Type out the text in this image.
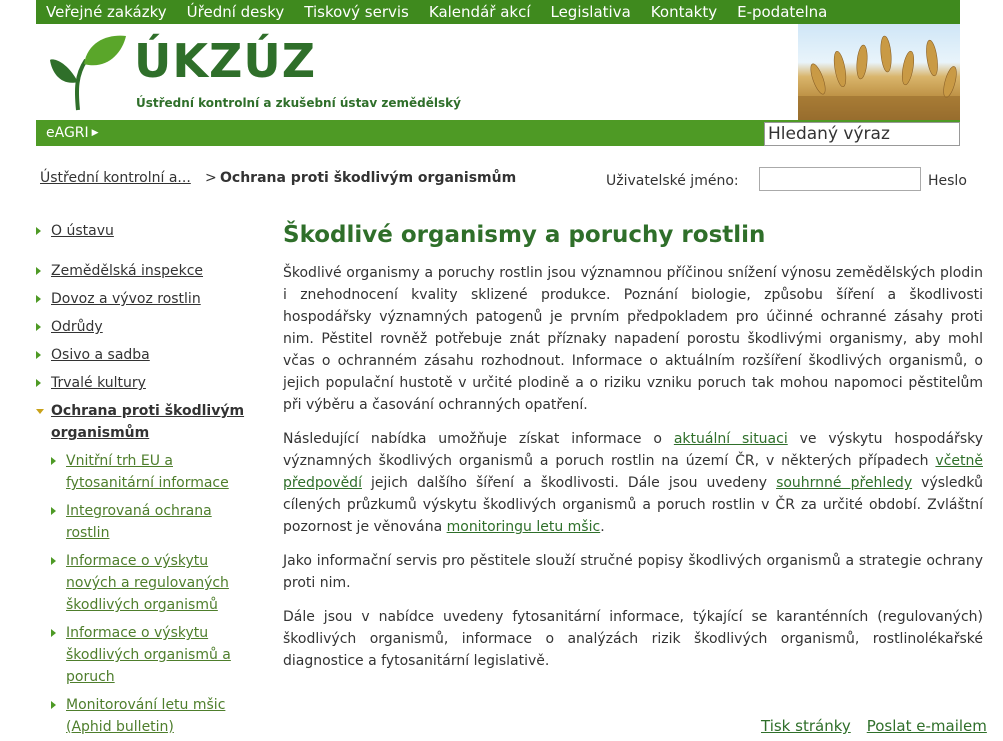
Veřejné zakázky	Úřední desky	Tiskový servis	Kalendář akcí	Legislativa	Kontakty	E-podatelna
ÚKZÚZ
Ústřední kontrolní a zkušební ústav zemědělský
eAGRI ▶	Hledaný výraz
Ústřední kontrolní a... > Ochrana proti škodlivým organismům	Uživatelské jméno:	Heslo
O ústavu
Zemědělská inspekce
Dovoz a vývoz rostlin
Odrůdy
Osivo a sadba
Trvalé kultury
Ochrana proti škodlivým organismům
Vnitřní trh EU a fytosanitární informace
Integrovaná ochrana rostlin
Informace o výskytu nových a regulovaných škodlivých organismů
Informace o výskytu škodlivých organismů a poruch
Monitorování letu mšic (Aphid bulletin)
Škodlivé organismy a poruchy rostlin

Škodlivé organismy a poruchy rostlin jsou významnou příčinou snížení výnosu zemědělských plodin i znehodnocení kvality sklizené produkce. Poznání biologie, způsobu šíření a škodlivosti hospodářsky významných patogenů je prvním předpokladem pro účinné ochranné zásahy proti nim. Pěstitel rovněž potřebuje znát příznaky napadení porostu škodlivými organismy, aby mohl včas o ochranném zásahu rozhodnout. Informace o aktuálním rozšíření škodlivých organismů, o jejich populační hustotě v určité plodině a o riziku vzniku poruch tak mohou napomoci pěstitelům při výběru a časování ochranných opatření.

Následující nabídka umožňuje získat informace o aktuální situaci ve výskytu hospodářsky významných škodlivých organismů a poruch rostlin na území ČR, v některých případech včetně předpovědí jejich dalšího šíření a škodlivosti. Dále jsou uvedeny souhrnné přehledy výsledků cílených průzkumů výskytu škodlivých organismů a poruch rostlin v ČR za určité období. Zvláštní pozornost je věnována monitoringu letu mšic.

Jako informační servis pro pěstitele slouží stručné popisy škodlivých organismů a strategie ochrany proti nim.

Dále jsou v nabídce uvedeny fytosanitární informace, týkající se karanténních (regulovaných) škodlivých organismů, informace o analýzách rizik škodlivých organismů, rostlinolékařské diagnostice a fytosanitární legislativě.

Tisk stránky Poslat e-mailem
